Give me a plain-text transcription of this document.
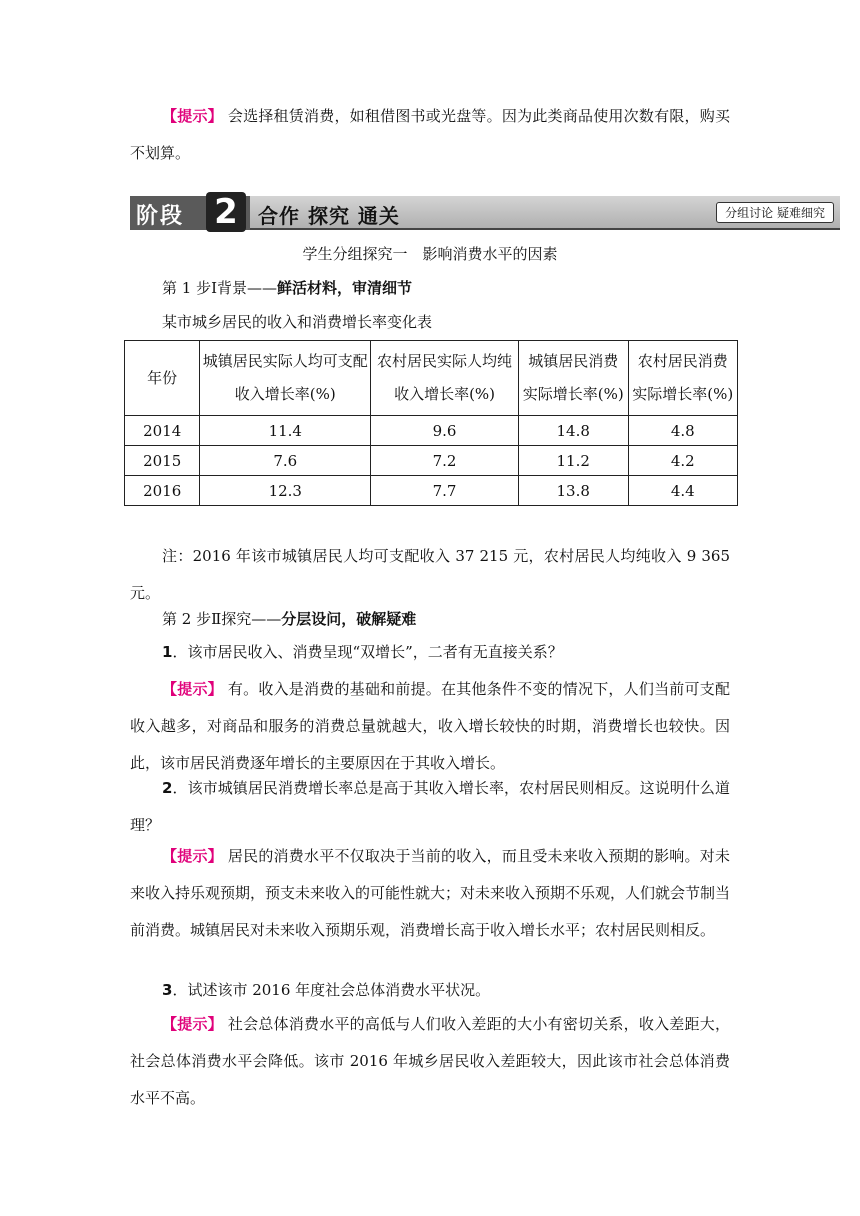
【提示】 会选择租赁消费，如租借图书或光盘等。因为此类商品使用次数有限，购买不划算。

阶段 2	合作 探究 通关	分组讨论 疑难细究
学生分组探究一　影响消费水平的因素
第 1 步Ⅰ背景——鲜活材料，审清细节
某市城乡居民的收入和消费增长率变化表
年份	城镇居民实际人均可支配收入增长率(%)	农村居民实际人均纯收入增长率(%)	城镇居民消费实际增长率(%)	农村居民消费实际增长率(%)
2014	11.4	9.6	14.8	4.8
2015	7.6	7.2	11.2	4.2
2016	12.3	7.7	13.8	4.4

注：2016 年该市城镇居民人均可支配收入 37 215 元，农村居民人均纯收入 9 365 元。

第 2 步Ⅱ探究——分层设问，破解疑难

1．该市居民收入、消费呈现“双增长”，二者有无直接关系？

【提示】 有。收入是消费的基础和前提。在其他条件不变的情况下，人们当前可支配收入越多，对商品和服务的消费总量就越大，收入增长较快的时期，消费增长也较快。因此，该市居民消费逐年增长的主要原因在于其收入增长。

2．该市城镇居民消费增长率总是高于其收入增长率，农村居民则相反。这说明什么道理？

【提示】 居民的消费水平不仅取决于当前的收入，而且受未来收入预期的影响。对未来收入持乐观预期，预支未来收入的可能性就大；对未来收入预期不乐观，人们就会节制当前消费。城镇居民对未来收入预期乐观，消费增长高于收入增长水平；农村居民则相反。

3．试述该市 2016 年度社会总体消费水平状况。

【提示】 社会总体消费水平的高低与人们收入差距的大小有密切关系，收入差距大，社会总体消费水平会降低。该市 2016 年城乡居民收入差距较大，因此该市社会总体消费水平不高。
